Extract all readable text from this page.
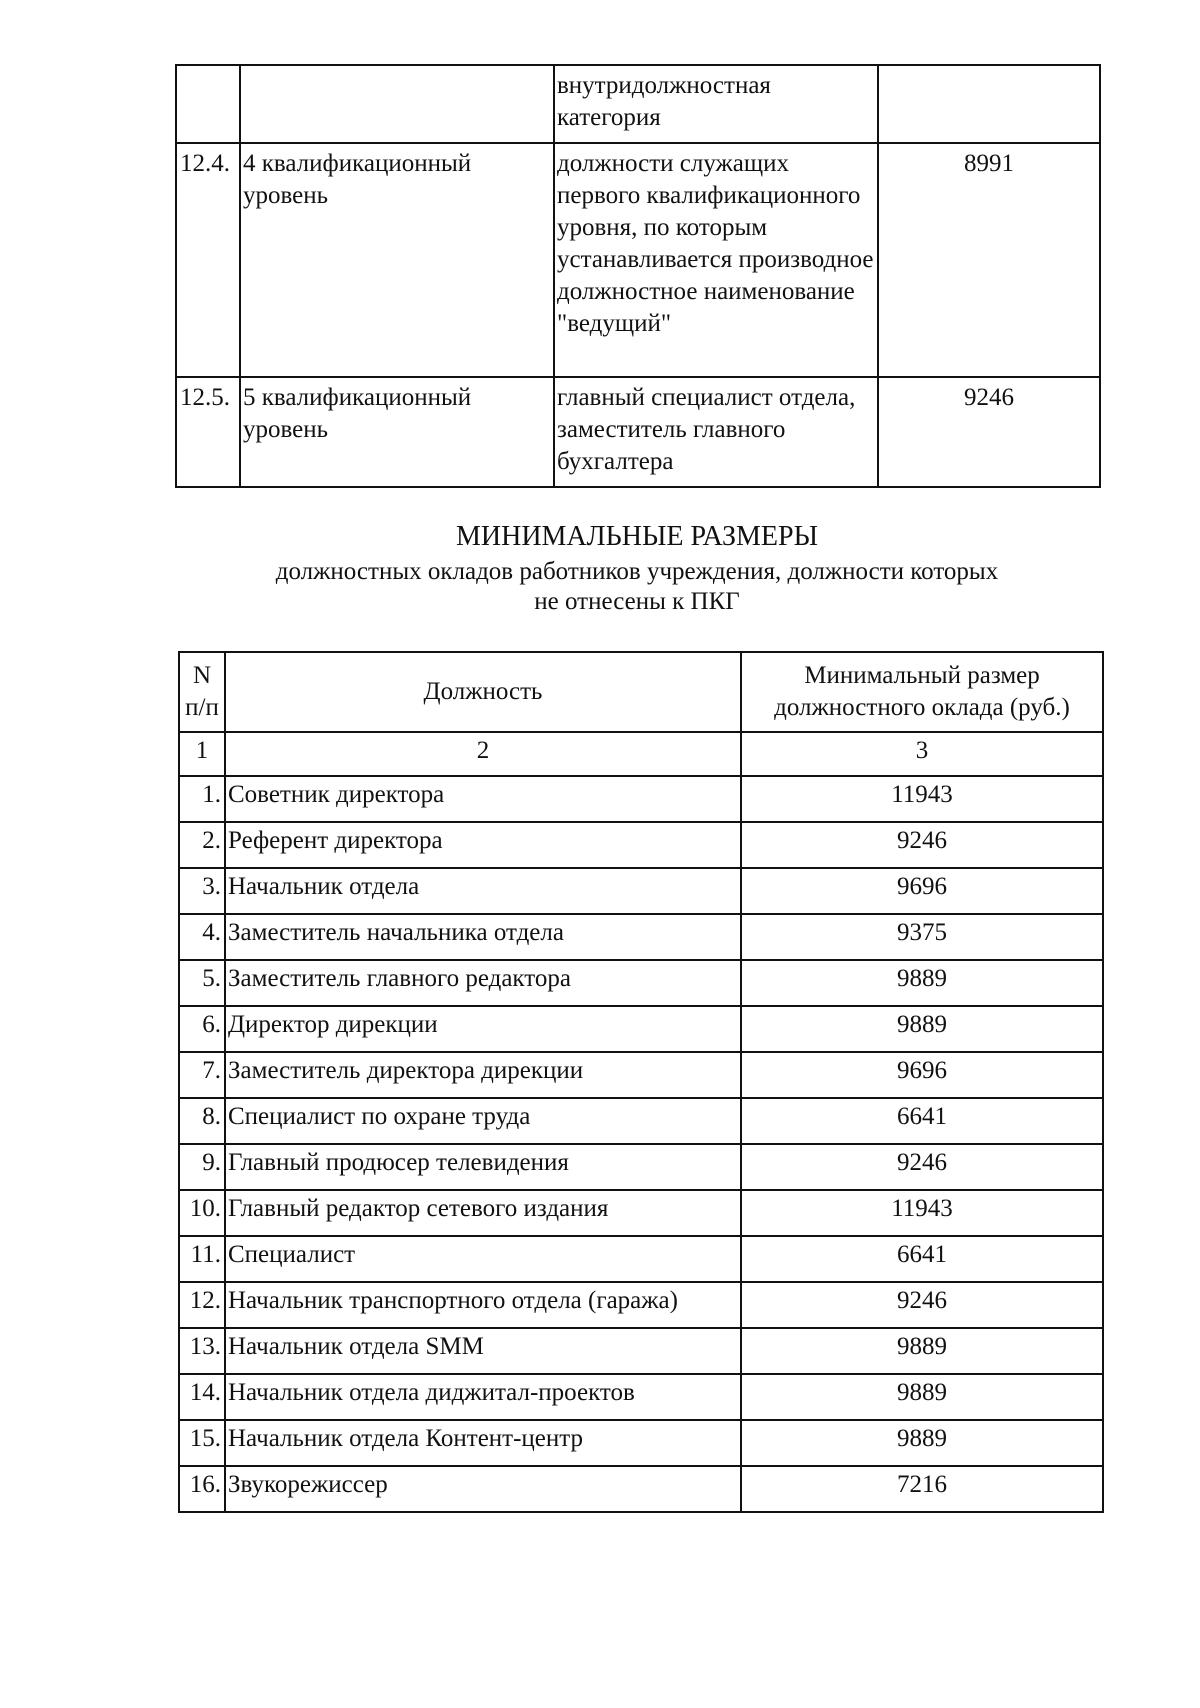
		внутридолжностная категория	
12.4.	4 квалификационный уровень	должности служащих первого квалификационного уровня, по которым устанавливается производное должностное наименование "ведущий"	8991
12.5.	5 квалификационный уровень	главный специалист отдела, заместитель главного бухгалтера	9246
МИНИМАЛЬНЫЕ РАЗМЕРЫ
должностных окладов работников учреждения, должности которых
не отнесены к ПКГ
N п/п	Должность	Минимальный размер должностного оклада (руб.)
1	2	3
1.	Советник директора	11943
2.	Референт директора	9246
3.	Начальник отдела	9696
4.	Заместитель начальника отдела	9375
5.	Заместитель главного редактора	9889
6.	Директор дирекции	9889
7.	Заместитель директора дирекции	9696
8.	Специалист по охране труда	6641
9.	Главный продюсер телевидения	9246
10.	Главный редактор сетевого издания	11943
11.	Специалист	6641
12.	Начальник транспортного отдела (гаража)	9246
13.	Начальник отдела SMM	9889
14.	Начальник отдела диджитал-проектов	9889
15.	Начальник отдела Контент-центр	9889
16.	Звукорежиссер	7216
